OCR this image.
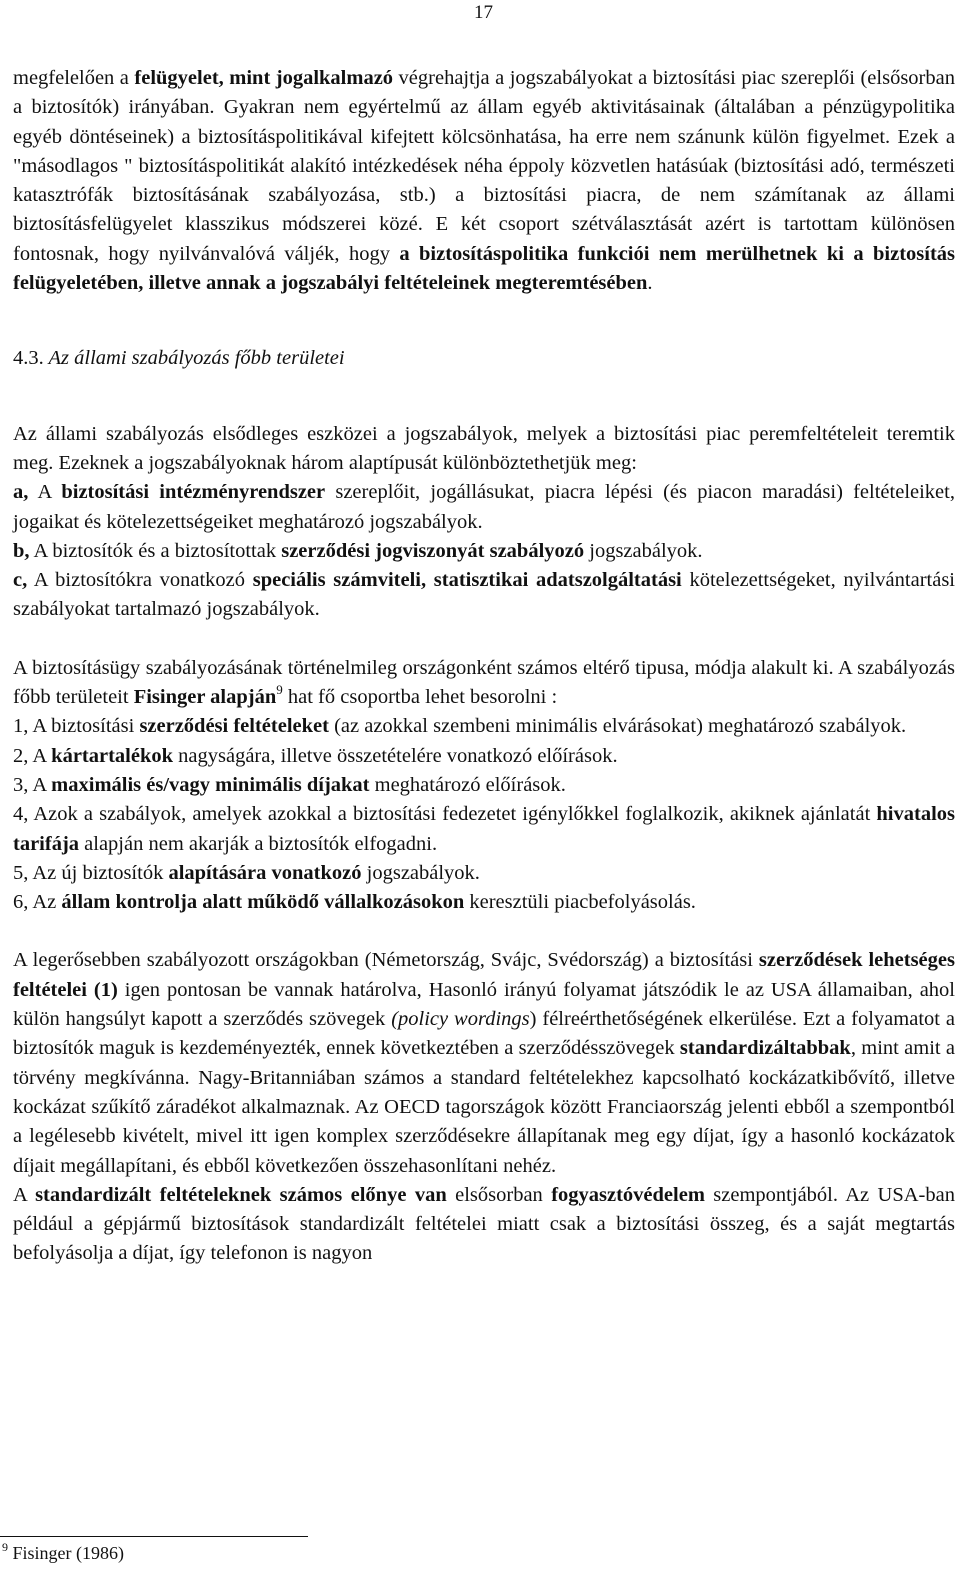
17

megfelelően a felügyelet, mint jogalkalmazó végrehajtja a jogszabályokat a biztosítási piac szereplői (elsősorban a biztosítók) irányában. Gyakran nem egyértelmű az állam egyéb aktivitásainak (általában a pénzügypolitika egyéb döntéseinek) a biztosításpolitikával kifejtett kölcsönhatása, ha erre nem szánunk külön figyelmet. Ezek a "másodlagos " biztosításpolitikát alakító intézkedések néha éppoly közvetlen hatásúak (biztosítási adó, természeti katasztrófák biztosításának szabályozása, stb.) a biztosítási piacra, de nem számítanak az állami biztosításfelügyelet klasszikus módszerei közé. E két csoport szétválasztását azért is tartottam különösen fontosnak, hogy nyilvánvalóvá váljék, hogy a biztosításpolitika funkciói nem merülhetnek ki a biztosítás felügyeletében, illetve annak a jogszabályi feltételeinek megteremtésében.

4.3. Az állami szabályozás főbb területei

Az állami szabályozás elsődleges eszközei a jogszabályok, melyek a biztosítási piac peremfeltételeit teremtik meg. Ezeknek a jogszabályoknak három alaptípusát különböztethetjük meg:

a, A biztosítási intézményrendszer szereplőit, jogállásukat, piacra lépési (és piacon maradási) feltételeiket, jogaikat és kötelezettségeiket meghatározó jogszabályok.

b, A biztosítók és a biztosítottak szerződési jogviszonyát szabályozó jogszabályok.

c, A biztosítókra vonatkozó speciális számviteli, statisztikai adatszolgáltatási kötelezettségeket, nyilvántartási szabályokat tartalmazó jogszabályok.

A biztosításügy szabályozásának történelmileg országonként számos eltérő tipusa, módja alakult ki. A szabályozás főbb területeit Fisinger alapján$^9$ hat fő csoportba lehet besorolni :

1, A biztosítási szerződési feltételeket (az azokkal szembeni minimális elvárásokat) meghatározó szabályok.

2, A kártartalékok nagyságára, illetve összetételére vonatkozó előírások.

3, A maximális és/vagy minimális díjakat meghatározó előírások.

4, Azok a szabályok, amelyek azokkal a biztosítási fedezetet igénylőkkel foglalkozik, akiknek ajánlatát hivatalos tarifája alapján nem akarják a biztosítók elfogadni.

5, Az új biztosítók alapítására vonatkozó jogszabályok.

6, Az állam kontrolja alatt működő vállalkozásokon keresztüli piacbefolyásolás.

A legerősebben szabályozott országokban (Németország, Svájc, Svédország) a biztosítási szerződések lehetséges feltételei (1) igen pontosan be vannak határolva, Hasonló irányú folyamat játszódik le az USA államaiban, ahol külön hangsúlyt kapott a szerződés szövegek (policy wordings) félreérthetőségének elkerülése. Ezt a folyamatot a biztosítók maguk is kezdeményezték, ennek következtében a szerződésszövegek standardizáltabbak, mint amit a törvény megkívánna. Nagy-Britanniában számos a standard feltételekhez kapcsolható kockázatkibővítő, illetve kockázat szűkítő záradékot alkalmaznak. Az OECD tagországok között Franciaország jelenti ebből a szempontból a legélesebb kivételt, mivel itt igen komplex szerződésekre állapítanak meg egy díjat, így a hasonló kockázatok díjait megállapítani, és ebből következően összehasonlítani nehéz.

A standardizált feltételeknek számos előnye van elsősorban fogyasztóvédelem szempontjából. Az USA-ban például a gépjármű biztosítások standardizált feltételei miatt csak a biztosítási összeg, és a saját megtartás befolyásolja a díjat, így telefonon is nagyon

$^9$ Fisinger (1986)
